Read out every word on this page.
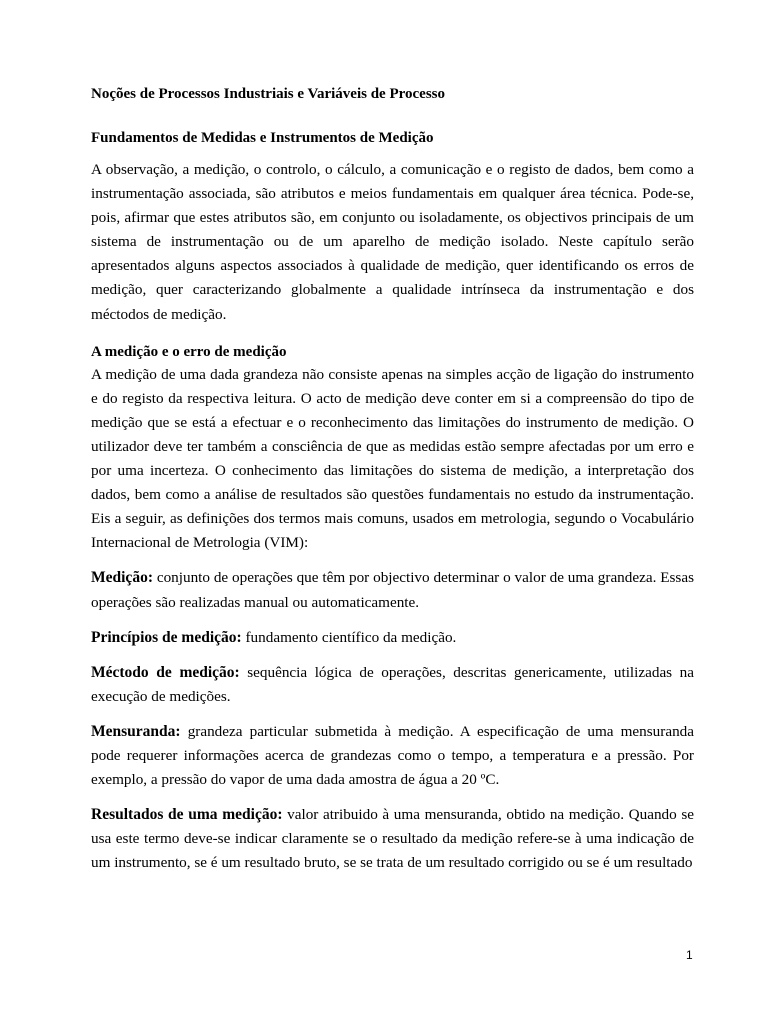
Noções de Processos Industriais e Variáveis de Processo
Fundamentos de Medidas e Instrumentos de Medição

A observação, a medição, o controlo, o cálculo, a comunicação e o registo de dados, bem como a instrumentação associada, são atributos e meios fundamentais em qualquer área técnica. Pode-se, pois, afirmar que estes atributos são, em conjunto ou isoladamente, os objectivos principais de um sistema de instrumentação ou de um aparelho de medição isolado. Neste capítulo serão apresentados alguns aspectos associados à qualidade de medição, quer identificando os erros de medição, quer caracterizando globalmente a qualidade intrínseca da instrumentação e dos méctodos de medição.

A medição e o erro de medição

A medição de uma dada grandeza não consiste apenas na simples acção de ligação do instrumento e do registo da respectiva leitura. O acto de medição deve conter em si a compreensão do tipo de medição que se está a efectuar e o reconhecimento das limitações do instrumento de medição. O utilizador deve ter também a consciência de que as medidas estão sempre afectadas por um erro e por uma incerteza. O conhecimento das limitações do sistema de medição, a interpretação dos dados, bem como a análise de resultados são questões fundamentais no estudo da instrumentação. Eis a seguir, as definições dos termos mais comuns, usados em metrologia, segundo o Vocabulário Internacional de Metrologia (VIM):

Medição: conjunto de operações que têm por objectivo determinar o valor de uma grandeza. Essas operações são realizadas manual ou automaticamente.

Princípios de medição: fundamento científico da medição.

Méctodo de medição: sequência lógica de operações, descritas genericamente, utilizadas na execução de medições.

Mensuranda: grandeza particular submetida à medição. A especificação de uma mensuranda pode requerer informações acerca de grandezas como o tempo, a temperatura e a pressão. Por exemplo, a pressão do vapor de uma dada amostra de água a 20 ºC.

Resultados de uma medição: valor atribuido à uma mensuranda, obtido na medição. Quando se usa este termo deve-se indicar claramente se o resultado da medição refere-se à uma indicação de um instrumento, se é um resultado bruto, se se trata de um resultado corrigido ou se é um resultado

1
